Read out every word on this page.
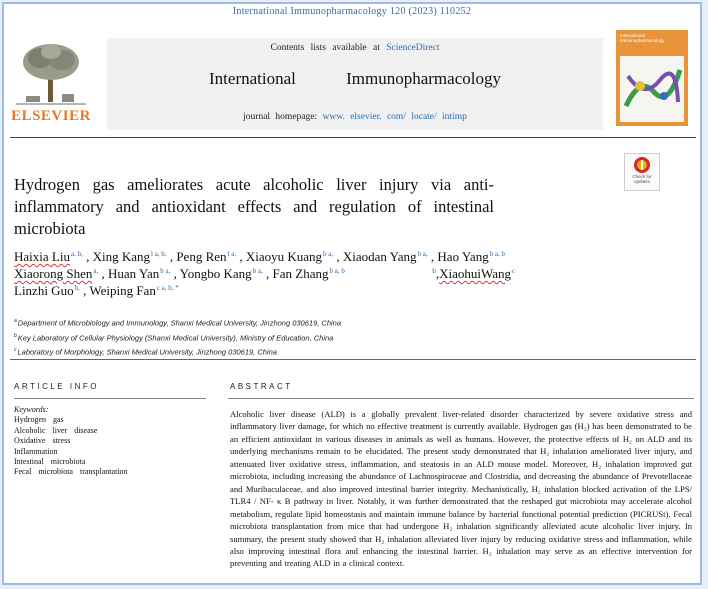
International Immunopharmacology 120 (2023) 110252
ELSEVIER
Contents lists available at ScienceDirect
International Immunopharmacology
journal homepage: www. elsevier. com/ locate/ intimp
International Immunopharmacology
Check for
updates
Hydrogen gas ameliorates acute alcoholic liver injury via anti- inflammatory and antioxidant effects and regulation of intestinal microbiota
Haixia Liu$^{a, b,}$ , Xing Kang$^{l a, b,}$ , Peng Ren$^{l a,}$ , Xiaoyu Kuang$^{b a,}$ , Xiaodan Yang$^{b a,}$ , Hao Yang$^{b a, b}$
Xiaorong Shen$^{a,}$ , Huan Yan$^{b a,}$ , Yongbo Kang$^{b a,}$ , Fan Zhang$^{b a, b}$	$^b$,XiaohuiWang$^c$
Linzhi Guo$^{b,}$ , Weiping Fan$^{c a, b, *}$
$^a$Department of Microbiology and Immunology, Shanxi Medical University, Jinzhong 030619, China
$^b$Key Laboratory of Cellular Physiology (Shanxi Medical University), Ministry of Education, China
$^c$Laboratory of Morphology, Shanxi Medical University, Jinzhong 030619, China
ARTICLE INFO	ABSTRACT
Keywords:
Hydrogen gas
Alcoholic liver disease
Oxidative stress
Inflammation
Intestinal microbiota
Fecal microbiota transplantation
Alcoholic liver disease (ALD) is a globally prevalent liver-related disorder characterized by severe oxidative stress and inflammatory liver damage, for which no effective treatment is currently available. Hydrogen gas (H₂) has been demonstrated to be an efficient antioxidant in various diseases in animals as well as humans. However, the protective effects of H₂ on ALD and its underlying mechanisms remain to be elucidated. The present study demonstrated that H₂ inhalation ameliorated liver injury, and attenuated liver oxidative stress, inflammation, and steatosis in an ALD mouse model. Moreover, H₂ inhalation improved gut microbiota, including increasing the abundance of Lachnospiraceae and Clostridia, and decreasing the abundance of Prevotellaceae and Muribaculaceae, and also improved intestinal barrier integrity. Mechanistically, H₂ inhalation blocked activation of the LPS/ TLR4 / NF- κ B pathway in liver. Notably, it was further demonstrated that the reshaped gut microbiota may accelerate alcohol metabolism, regulate lipid homeostasis and maintain immune balance by bacterial functional potential prediction (PICRUSt). Fecal microbiota transplantation from mice that had undergone H₂ inhalation significantly alleviated acute alcoholic liver injury. In summary, the present study showed that H₂ inhalation alleviated liver injury by reducing oxidative stress and inflammation, while also improving intestinal flora and enhancing the intestinal barrier. H₂ inhalation may serve as an effective intervention for preventing and treating ALD in a clinical context.
